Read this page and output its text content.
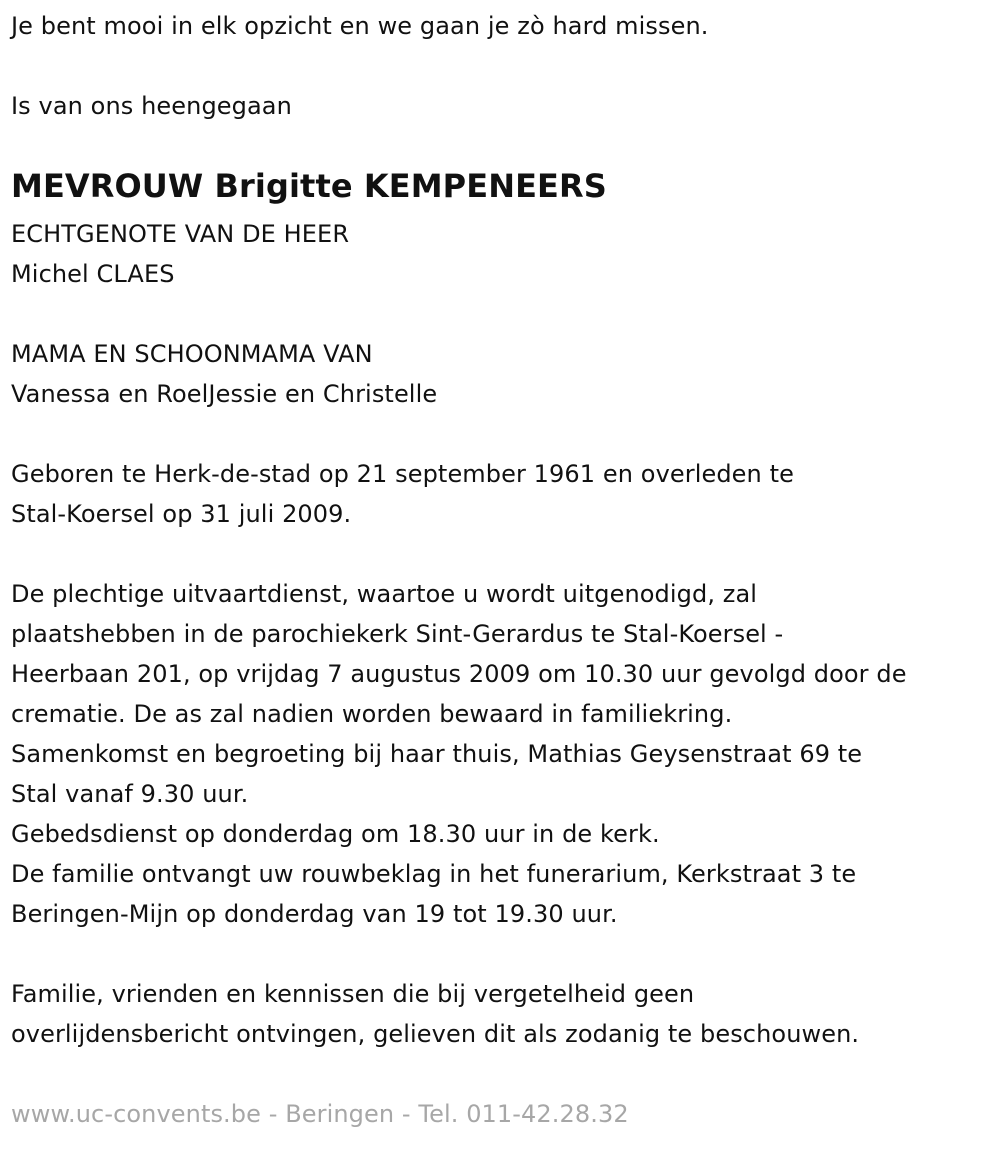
Je bent mooi in elk opzicht en we gaan je zò hard missen.
Is van ons heengegaan
MEVROUW Brigitte KEMPENEERS
ECHTGENOTE VAN DE HEER
Michel CLAES
MAMA EN SCHOONMAMA VAN
Vanessa en RoelJessie en Christelle
Geboren te Herk-de-stad op 21 september 1961 en overleden te
Stal-Koersel op 31 juli 2009.
De plechtige uitvaartdienst, waartoe u wordt uitgenodigd, zal
plaatshebben in de parochiekerk Sint-Gerardus te Stal-Koersel -
Heerbaan 201, op vrijdag 7 augustus 2009 om 10.30 uur gevolgd door de
crematie. De as zal nadien worden bewaard in familiekring.
Samenkomst en begroeting bij haar thuis, Mathias Geysenstraat 69 te
Stal vanaf 9.30 uur.
Gebedsdienst op donderdag om 18.30 uur in de kerk.
De familie ontvangt uw rouwbeklag in het funerarium, Kerkstraat 3 te
Beringen-Mijn op donderdag van 19 tot 19.30 uur.
Familie, vrienden en kennissen die bij vergetelheid geen
overlijdensbericht ontvingen, gelieven dit als zodanig te beschouwen.
www.uc-convents.be - Beringen - Tel. 011-42.28.32
